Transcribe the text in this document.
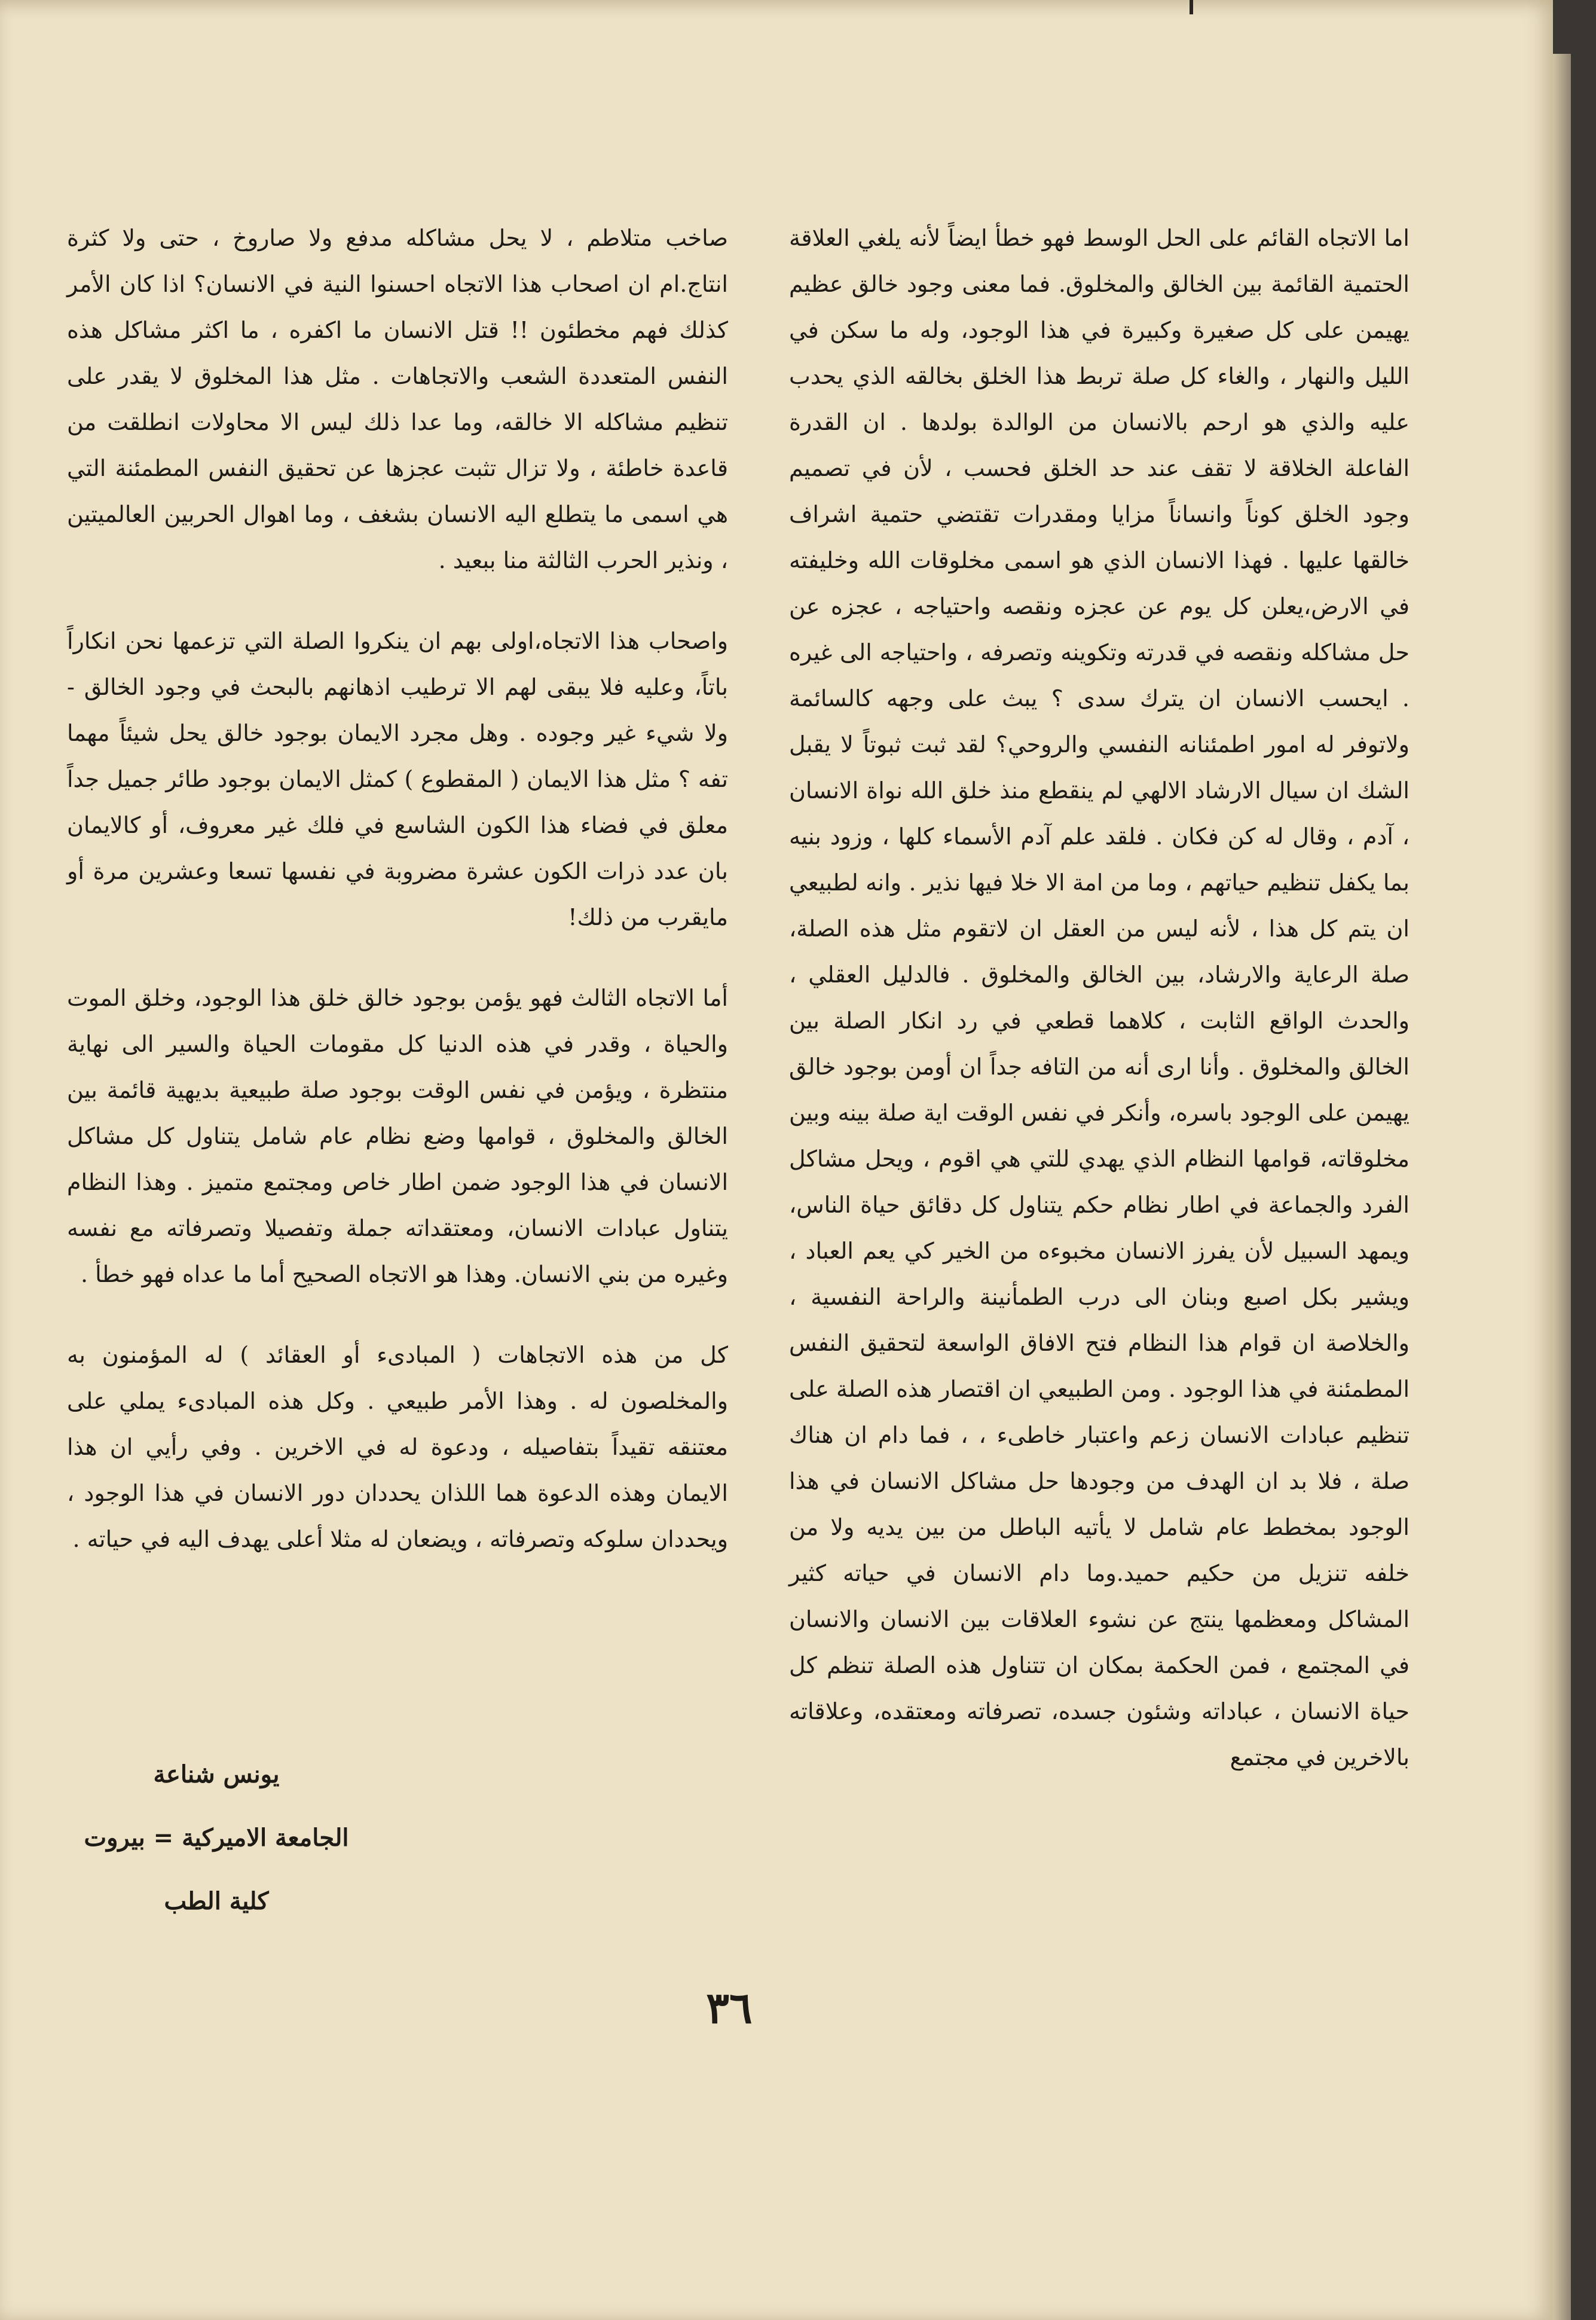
اما الاتجاه القائم على الحل الوسط فهو خطأ ايضاً لأنه يلغي العلاقة الحتمية القائمة بين الخالق والمخلوق. فما معنى وجود خالق عظيم يهيمن على كل صغيرة وكبيرة في هذا الوجود، وله ما سكن في الليل والنهار ، والغاء كل صلة تربط هذا الخلق بخالقه الذي يحدب عليه والذي هو ارحم بالانسان من الوالدة بولدها . ان القدرة الفاعلة الخلاقة لا تقف عند حد الخلق فحسب ، لأن في تصميم وجود الخلق كوناً وانساناً مزايا ومقدرات تقتضي حتمية اشراف خالقها عليها . فهذا الانسان الذي هو اسمى مخلوقات الله وخليفته في الارض،يعلن كل يوم عن عجزه ونقصه واحتياجه ، عجزه عن حل مشاكله ونقصه في قدرته وتكوينه وتصرفه ، واحتياجه الى غيره . ايحسب الانسان ان يترك سدى ؟ يبث على وجهه كالسائمة ولاتوفر له امور اطمئنانه النفسي والروحي؟ لقد ثبت ثبوتاً لا يقبل الشك ان سيال الارشاد الالهي لم ينقطع منذ خلق الله نواة الانسان ، آدم ، وقال له كن فكان . فلقد علم آدم الأسماء كلها ، وزود بنيه بما يكفل تنظيم حياتهم ، وما من امة الا خلا فيها نذير . وانه لطبيعي ان يتم كل هذا ، لأنه ليس من العقل ان لاتقوم مثل هذه الصلة، صلة الرعاية والارشاد، بين الخالق والمخلوق . فالدليل العقلي ، والحدث الواقع الثابت ، كلاهما قطعي في رد انكار الصلة بين الخالق والمخلوق . وأنا ارى أنه من التافه جداً ان أومن بوجود خالق يهيمن على الوجود باسره، وأنكر في نفس الوقت اية صلة بينه وبين مخلوقاته، قوامها النظام الذي يهدي للتي هي اقوم ، ويحل مشاكل الفرد والجماعة في اطار نظام حكم يتناول كل دقائق حياة الناس، ويمهد السبيل لأن يفرز الانسان مخبوءه من الخير كي يعم العباد ، ويشير بكل اصبع وبنان الى درب الطمأنينة والراحة النفسية ، والخلاصة ان قوام هذا النظام فتح الافاق الواسعة لتحقيق النفس المطمئنة في هذا الوجود . ومن الطبيعي ان اقتصار هذه الصلة على تنظيم عبادات الانسان زعم واعتبار خاطىء ، ، فما دام ان هناك صلة ، فلا بد ان الهدف من وجودها حل مشاكل الانسان في هذا الوجود بمخطط عام شامل لا يأتيه الباطل من بين يديه ولا من خلفه تنزيل من حكيم حميد.وما دام الانسان في حياته كثير المشاكل ومعظمها ينتج عن نشوء العلاقات بين الانسان والانسان في المجتمع ، فمن الحكمة بمكان ان تتناول هذه الصلة تنظم كل حياة الانسان ، عباداته وشئون جسده، تصرفاته ومعتقده، وعلاقاته بالاخرين في مجتمع

صاخب متلاطم ، لا يحل مشاكله مدفع ولا صاروخ ، حتى ولا كثرة انتاج.ام ان اصحاب هذا الاتجاه احسنوا النية في الانسان؟ اذا كان الأمر كذلك فهم مخطئون !! قتل الانسان ما اكفره ، ما اكثر مشاكل هذه النفس المتعددة الشعب والاتجاهات . مثل هذا المخلوق لا يقدر على تنظيم مشاكله الا خالقه، وما عدا ذلك ليس الا محاولات انطلقت من قاعدة خاطئة ، ولا تزال تثبت عجزها عن تحقيق النفس المطمئنة التي هي اسمى ما يتطلع اليه الانسان بشغف ، وما اهوال الحربين العالميتين ، ونذير الحرب الثالثة منا ببعيد .

واصحاب هذا الاتجاه،اولى بهم ان ينكروا الصلة التي تزعمها نحن انكاراً باتاً، وعليه فلا يبقى لهم الا ترطيب اذهانهم بالبحث في وجود الخالق - ولا شيء غير وجوده . وهل مجرد الايمان بوجود خالق يحل شيئاً مهما تفه ؟ مثل هذا الايمان ( المقطوع ) كمثل الايمان بوجود طائر جميل جداً معلق في فضاء هذا الكون الشاسع في فلك غير معروف، أو كالايمان بان عدد ذرات الكون عشرة مضروبة في نفسها تسعا وعشرين مرة أو مايقرب من ذلك!

أما الاتجاه الثالث فهو يؤمن بوجود خالق خلق هذا الوجود، وخلق الموت والحياة ، وقدر في هذه الدنيا كل مقومات الحياة والسير الى نهاية منتظرة ، ويؤمن في نفس الوقت بوجود صلة طبيعية بديهية قائمة بين الخالق والمخلوق ، قوامها وضع نظام عام شامل يتناول كل مشاكل الانسان في هذا الوجود ضمن اطار خاص ومجتمع متميز . وهذا النظام يتناول عبادات الانسان، ومعتقداته جملة وتفصيلا وتصرفاته مع نفسه وغيره من بني الانسان. وهذا هو الاتجاه الصحيح أما ما عداه فهو خطأ .

كل من هذه الاتجاهات ( المبادىء أو العقائد ) له المؤمنون به والمخلصون له . وهذا الأمر طبيعي . وكل هذه المبادىء يملي على معتنقه تقيداً بتفاصيله ، ودعوة له في الاخرين . وفي رأيي ان هذا الايمان وهذه الدعوة هما اللذان يحددان دور الانسان في هذا الوجود ، ويحددان سلوكه وتصرفاته ، ويضعان له مثلا أعلى يهدف اليه في حياته .

يونس شناعة
الجامعة الاميركية = بيروت
كلية الطب
٣٦
